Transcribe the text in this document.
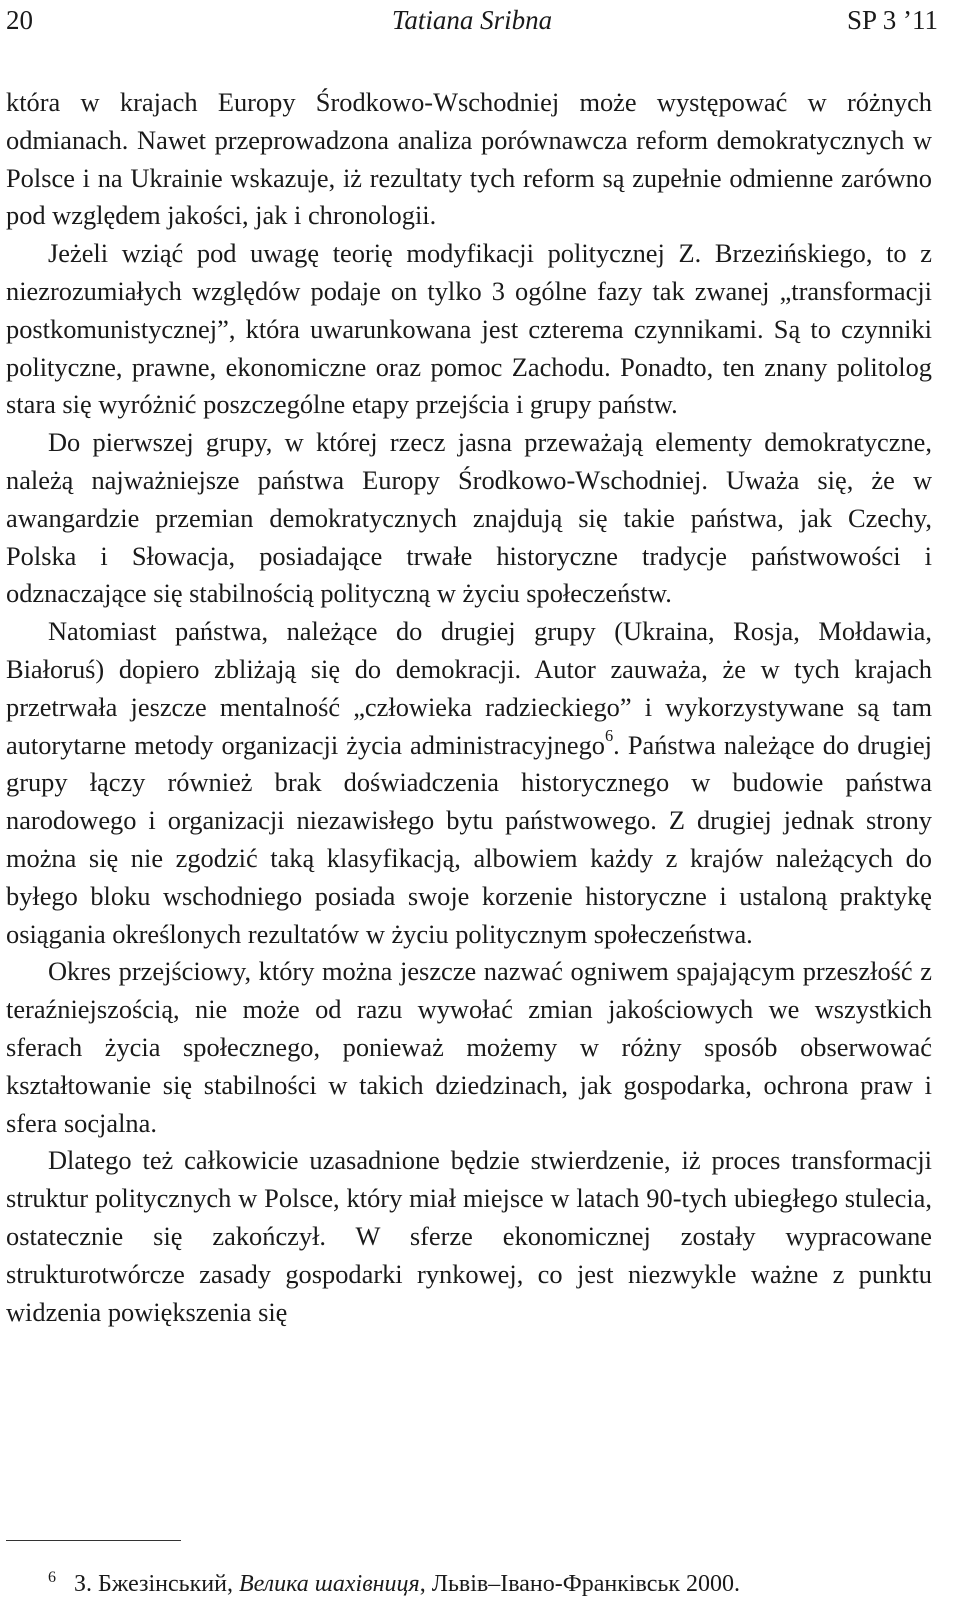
20	Tatiana Sribna	SP 3 ’11

która w krajach Europy Środkowo-Wschodniej może występować w różnych odmianach. Nawet przeprowadzona analiza porównawcza reform demokratycznych w Polsce i na Ukrainie wskazuje, iż rezultaty tych reform są zupełnie odmienne zarówno pod względem jakości, jak i chronologii.

Jeżeli wziąć pod uwagę teorię modyfikacji politycznej Z. Brzezińskiego, to z niezrozumiałych względów podaje on tylko 3 ogólne fazy tak zwanej „transformacji postkomunistycznej”, która uwarunkowana jest czterema czynnikami. Są to czynniki polityczne, prawne, ekonomiczne oraz pomoc Zachodu. Ponadto, ten znany politolog stara się wyróżnić poszczególne etapy przejścia i grupy państw.

Do pierwszej grupy, w której rzecz jasna przeważają elementy demokratyczne, należą najważniejsze państwa Europy Środkowo-Wschodniej. Uważa się, że w awangardzie przemian demokratycznych znajdują się takie państwa, jak Czechy, Polska i Słowacja, posiadające trwałe historyczne tradycje państwowości i odznaczające się stabilnością polityczną w życiu społeczeństw.

Natomiast państwa, należące do drugiej grupy (Ukraina, Rosja, Mołdawia, Białoruś) dopiero zbliżają się do demokracji. Autor zauważa, że w tych krajach przetrwała jeszcze mentalność „człowieka radzieckiego” i wykorzystywane są tam autorytarne metody organizacji życia administracyjnego$^6$. Państwa należące do drugiej grupy łączy również brak doświadczenia historycznego w budowie państwa narodowego i organizacji niezawisłego bytu państwowego. Z drugiej jednak strony można się nie zgodzić taką klasyfikacją, albowiem każdy z krajów należących do byłego bloku wschodniego posiada swoje korzenie historyczne i ustaloną praktykę osiągania określonych rezultatów w życiu politycznym społeczeństwa.

Okres przejściowy, który można jeszcze nazwać ogniwem spajającym przeszłość z teraźniejszością, nie może od razu wywołać zmian jakościowych we wszystkich sferach życia społecznego, ponieważ możemy w różny sposób obserwować kształtowanie się stabilności w takich dziedzinach, jak gospodarka, ochrona praw i sfera socjalna.

Dlatego też całkowicie uzasadnione będzie stwierdzenie, iż proces transformacji struktur politycznych w Polsce, który miał miejsce w latach 90-tych ubiegłego stulecia, ostatecznie się zakończył. W sferze ekonomicznej zostały wypracowane strukturotwórcze zasady gospodarki rynkowej, co jest niezwykle ważne z punktu widzenia powiększenia się

6 З. Бжезінський, Велика шахівниця, Львів–Івано-Франківськ 2000.
